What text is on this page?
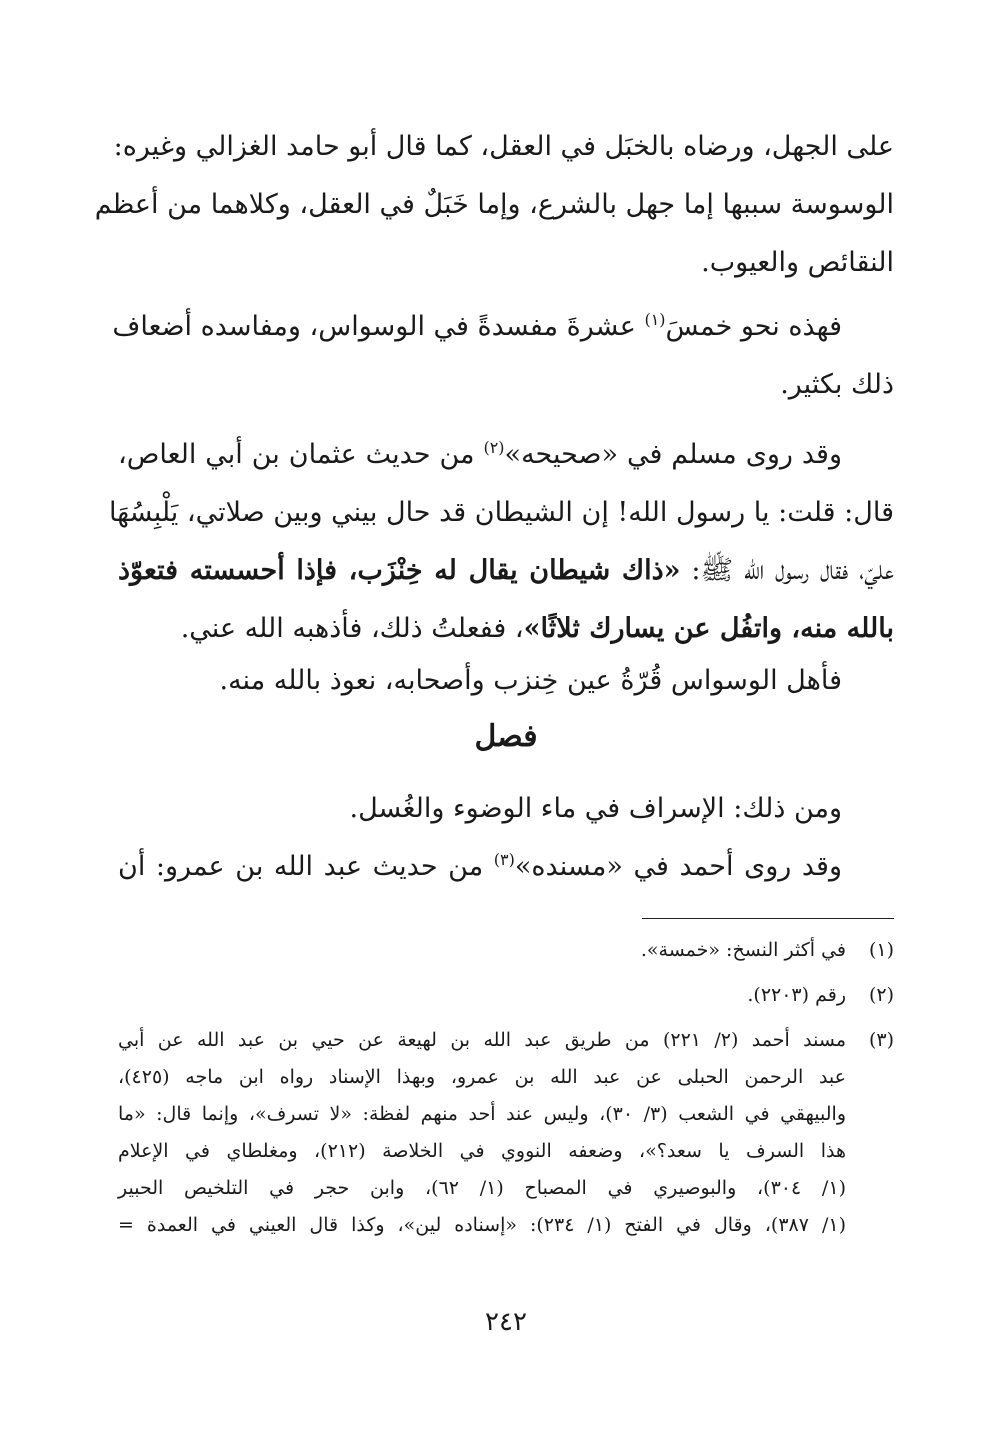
على الجهل، ورضاه بالخبَل في العقل، كما قال أبو حامد الغزالي وغيره:
الوسوسة سببها إما جهل بالشرع، وإما خَبَلٌ في العقل، وكلاهما من أعظم
النقائص والعيوب.

فهذه نحو خمسَ$^{(١)}$ عشرةَ مفسدةً في الوسواس، ومفاسده أضعاف
ذلك بكثير.

وقد روى مسلم في «صحيحه»$^{(٢)}$ من حديث عثمان بن أبي العاص،
قال: قلت: يا رسول الله! إن الشيطان قد حال بيني وبين صلاتي، يَلْبِسُهَا
عليّ، فقال رسول الله ﷺ: «ذاك شيطان يقال له خِنْزَب، فإذا أحسسته فتعوّذ
بالله منه، واتفُل عن يسارك ثلاثًا»، ففعلتُ ذلك، فأذهبه الله عني.

فأهل الوسواس قُرّةُ عين خِنزب وأصحابه، نعوذ بالله منه.

فصل

ومن ذلك: الإسراف في ماء الوضوء والغُسل.
وقد روى أحمد في «مسنده»$^{(٣)}$ من حديث عبد الله بن عمرو: أن

(١)في أكثر النسخ: «خمسة».
(٢)رقم (٢٢٠٣).
(٣)مسند أحمد (٢/ ٢٢١) من طريق عبد الله بن لهيعة عن حيي بن عبد الله عن أبي
عبد الرحمن الحبلى عن عبد الله بن عمرو، وبهذا الإسناد رواه ابن ماجه (٤٢٥)،
والبيهقي في الشعب (٣/ ٣٠)، وليس عند أحد منهم لفظة: «لا تسرف»، وإنما قال: «ما
هذا السرف يا سعد؟»، وضعفه النووي في الخلاصة (٢١٢)، ومغلطاي في الإعلام
(١/ ٣٠٤)، والبوصيري في المصباح (١/ ٦٢)، وابن حجر في التلخيص الحبير
(١/ ٣٨٧)، وقال في الفتح (١/ ٢٣٤): «إسناده لين»، وكذا قال العيني في العمدة =
٢٤٢
